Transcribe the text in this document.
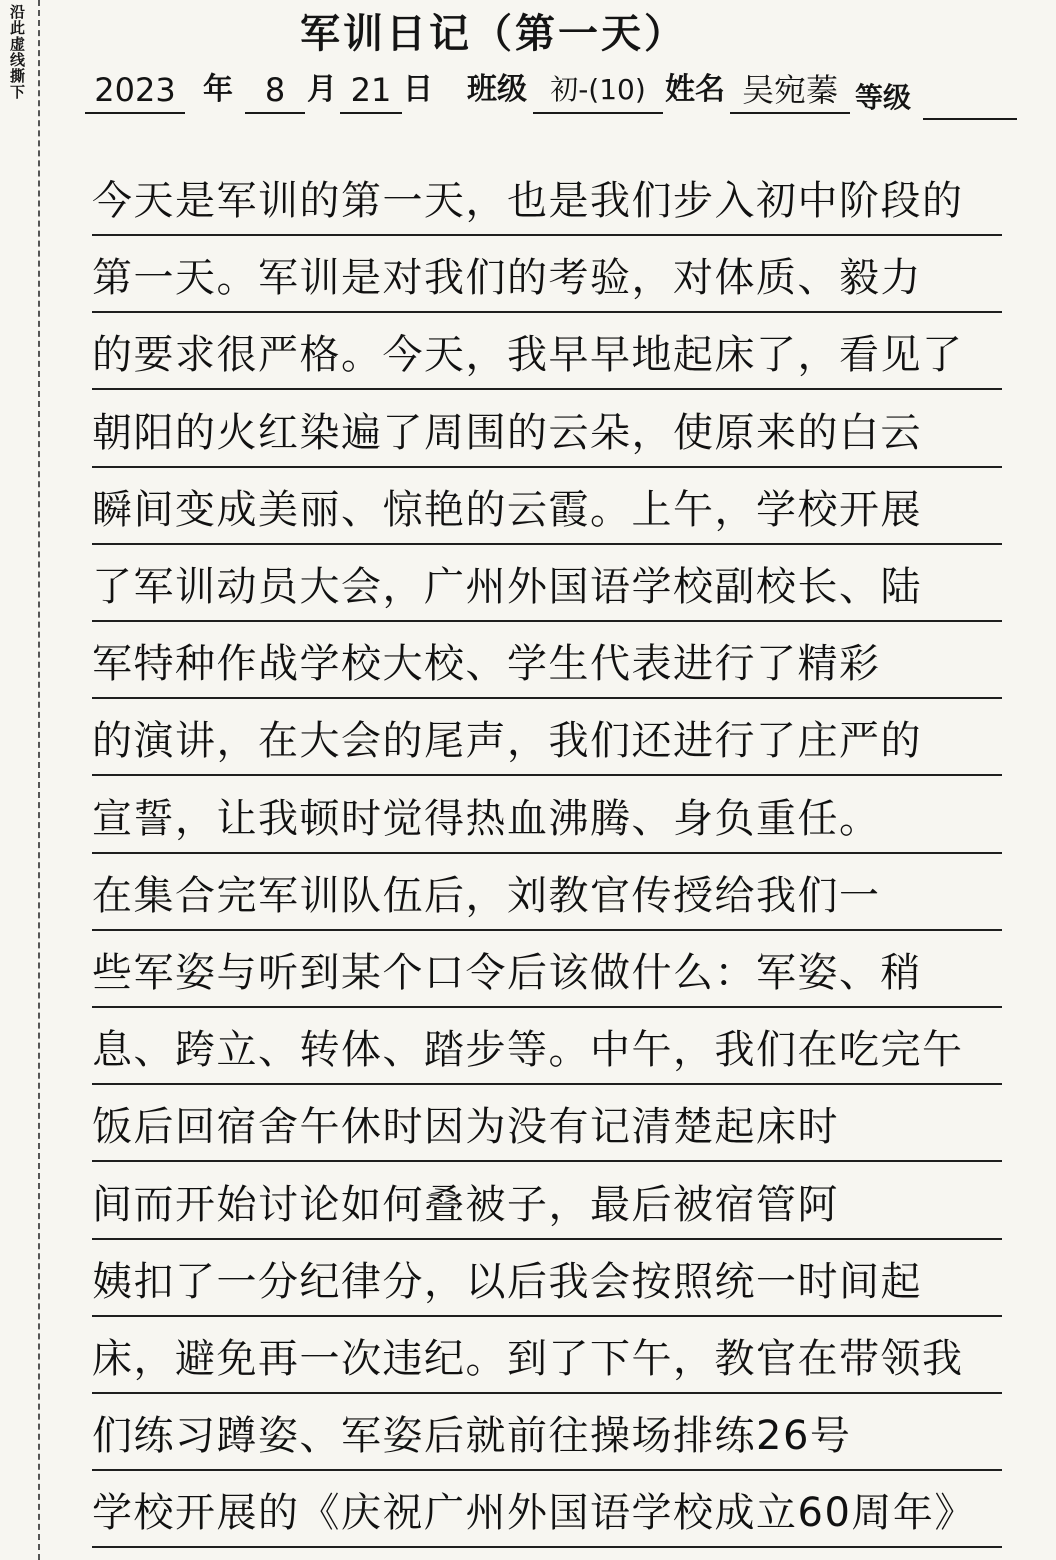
沿此虚线撕下	军训日记（第一天）
2023 年 8 月 21 日 班级 初-(10) 姓名 吴宛蓁 等级
今天是军训的第一天，也是我们步入初中阶段的
第一天。军训是对我们的考验，对体质、毅力
的要求很严格。今天，我早早地起床了，看见了
朝阳的火红染遍了周围的云朵，使原来的白云
瞬间变成美丽、惊艳的云霞。上午，学校开展
了军训动员大会，广州外国语学校副校长、陆
军特种作战学校大校、学生代表进行了精彩
的演讲，在大会的尾声，我们还进行了庄严的
宣誓，让我顿时觉得热血沸腾、身负重任。
在集合完军训队伍后，刘教官传授给我们一
些军姿与听到某个口令后该做什么：军姿、稍
息、跨立、转体、踏步等。中午，我们在吃完午
饭后回宿舍午休时因为没有记清楚起床时
间而开始讨论如何叠被子，最后被宿管阿
姨扣了一分纪律分，以后我会按照统一时间起
床，避免再一次违纪。到了下午，教官在带领我
们练习蹲姿、军姿后就前往操场排练26号
学校开展的《庆祝广州外国语学校成立60周年》
